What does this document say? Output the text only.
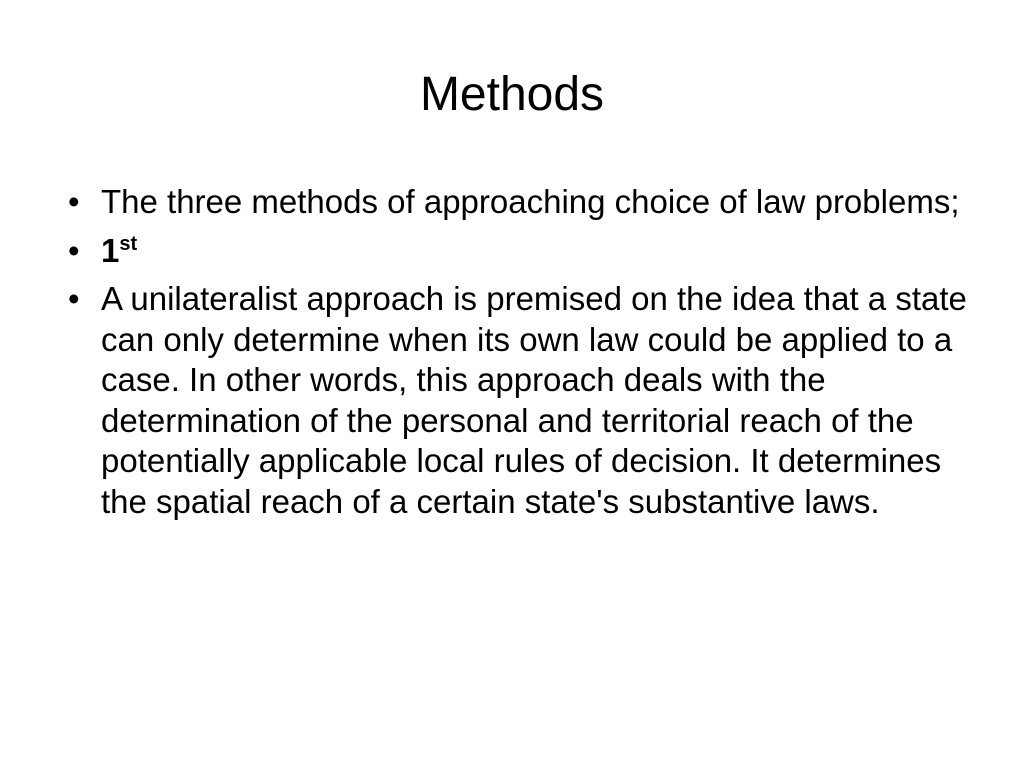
Methods
• The three methods of approaching choice of law problems;
• 1st
• A unilateralist approach is premised on the idea that a state can only determine when its own law could be applied to a case. In other words, this approach deals with the determination of the personal and territorial reach of the potentially applicable local rules of decision. It determines the spatial reach of a certain state's substantive laws.
